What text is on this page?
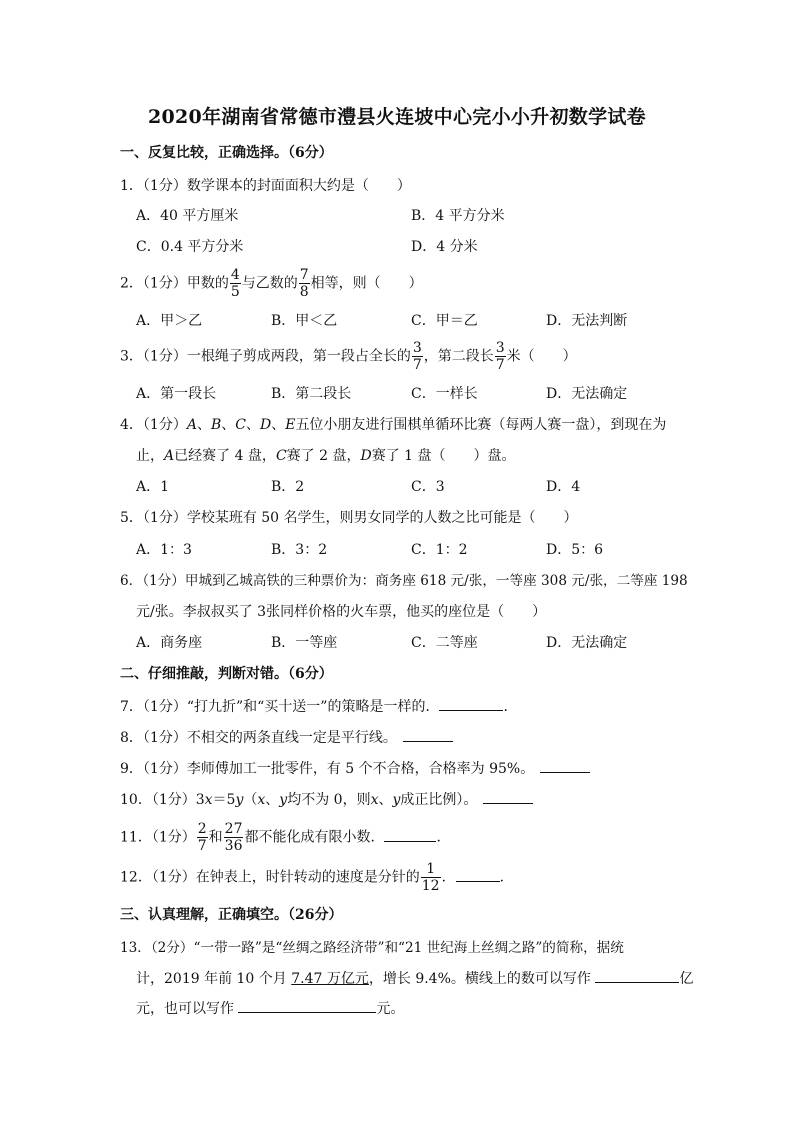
2020年湖南省常德市澧县火连坡中心完小小升初数学试卷
一、反复比较，正确选择。（6分）
1．（1分）数学课本的封面面积大约是（　　）
A．40 平方厘米	B．4 平方分米
C．0.4 平方分米	D．4 分米
2．（1分）甲数的 $\frac{4}{5}$ 与乙数的 $\frac{7}{8}$ 相等，则（　　）
A．甲＞乙	B．甲＜乙	C．甲＝乙	D．无法判断
3．（1分）一根绳子剪成两段，第一段占全长的 $\frac{3}{7}$ ，第二段长 $\frac{3}{7}$ 米（　　）
A．第一段长	B．第二段长	C．一样长	D．无法确定
4．（1分）A、B、C、D、E五位小朋友进行围棋单循环比赛（每两人赛一盘），到现在为
止，A已经赛了 4 盘，C赛了 2 盘，D赛了 1 盘（　　）盘。
A．1	B．2	C．3	D．4
5．（1分）学校某班有 50 名学生，则男女同学的人数之比可能是（　　）
A．1：3	B．3：2	C．1：2	D．5：6
6．（1分）甲城到乙城高铁的三种票价为：商务座 618 元/张，一等座 308 元/张，二等座 198
元/张。李叔叔买了 3张同样价格的火车票，他买的座位是（　　）
A．商务座	B．一等座	C．二等座	D．无法确定
二、仔细推敲，判断对错。（6分）
7．（1分）“打九折”和“买十送一”的策略是一样的．	．
8．（1分）不相交的两条直线一定是平行线。
9．（1分）李师傅加工一批零件，有 5 个不合格，合格率为 95%。
10．（1分）3x＝5y（x、y均不为 0，则x、y成正比例）。
11．（1分） $\frac{2}{7}$ 和 $\frac{27}{36}$ 都不能化成有限小数．	．
12．（1分）在钟表上，时针转动的速度是分针的 $\frac{1}{12}$ ．	．
三、认真理解，正确填空。（26分）
13．（2分）“一带一路”是“丝绸之路经济带”和“21 世纪海上丝绸之路”的简称，据统
计，2019 年前 10 个月 7.47 万亿元，增长 9.4%。横线上的数可以写作	亿
元，也可以写作	元。
